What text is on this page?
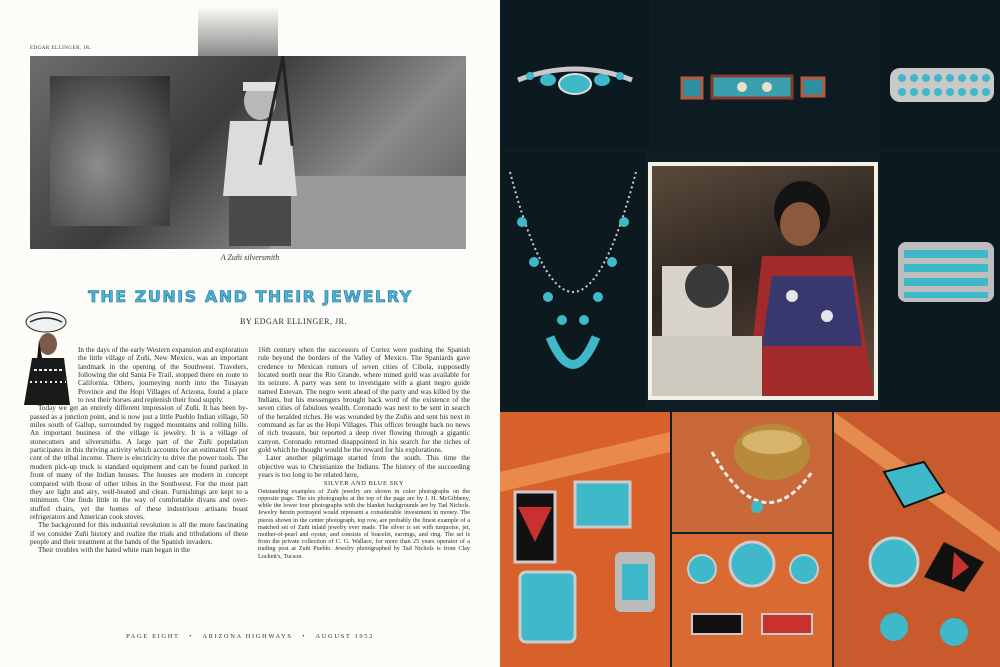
EDGAR ELLINGER, JR.
A Zuñi silversmith
THE ZUNIS AND THEIR JEWELRY
BY EDGAR ELLINGER, JR.

In the days of the early Western expansion and exploration the little village of Zuñi, New Mexico, was an important landmark in the opening of the Southwest. Travelers, following the old Santa Fe Trail, stopped there en route to California. Others, journeying north into the Tusayan Province and the Hopi Villages of Arizona, found a place to rest their horses and replenish their food supply.

Today we get an entirely different impression of Zuñi. It has been by-passed as a junction point, and is now just a little Pueblo Indian village, 50 miles south of Gallup, surrounded by rugged mountains and rolling hills. An important business of the village is jewelry. It is a village of stonecutters and silversmiths. A large part of the Zuñi population participates in this thriving activity which accounts for an estimated 65 per cent of the tribal income. There is electricity to drive the power tools. The modern pick-up truck is standard equipment and can be found parked in front of many of the Indian houses. The houses are modern in concept compared with those of other tribes in the Southwest. For the most part they are light and airy, well-heated and clean. Furnishings are kept to a minimum. One finds little in the way of comfortable divans and over-stuffed chairs, yet the homes of these industrious artisans boast refrigerators and American cook stoves.

The background for this industrial revolution is all the more fascinating if we consider Zuñi history and realize the trials and tribulations of these people and their treatment at the hands of the Spanish invaders.

Their troubles with the hated white man began in the

16th century when the successors of Cortez were pushing the Spanish rule beyond the borders of the Valley of Mexico. The Spaniards gave credence to Mexican rumors of seven cities of Cibola, supposedly located north near the Rio Grande, where mined gold was available for its seizure. A party was sent to investigate with a giant negro guide named Estevan. The negro went ahead of the party and was killed by the Indians, but his messengers brought back word of the existence of the seven cities of fabulous wealth. Coronado was next to be sent in search of the heralded riches. He was wounded by the Zuñis and sent his next in command as far as the Hopi Villages. This officer brought back no news of rich treasure, but reported a deep river flowing through a gigantic canyon. Coronado returned disappointed in his search for the riches of gold which he thought would be the reward for his explorations.

Later another pilgrimage started from the south. This time the objective was to Christianize the Indians. The history of the succeeding years is too long to be related here,

SILVER AND BLUE SKY

Outstanding examples of Zuñi jewelry are shown in color photographs on the opposite page. The six photographs at the top of the page are by J. H. McGibbeny, while the lower four photographs with the blanket backgrounds are by Tad Nichols. Jewelry herein portrayed would represent a considerable investment in money. The pieces shown in the center photograph, top row, are probably the finest example of a matched set of Zuñi inlaid jewelry ever made. The silver is set with turquoise, jet, mother-of-pearl and oyster, and consists of bracelet, earrings, and ring. The set is from the private collection of C. G. Wallace, for more than 25 years operator of a trading post at Zuñi Pueblo. Jewelry photographed by Tad Nichols is from Clay Lockett's, Tucson.

PAGE EIGHT • ARIZONA HIGHWAYS • AUGUST 1952
